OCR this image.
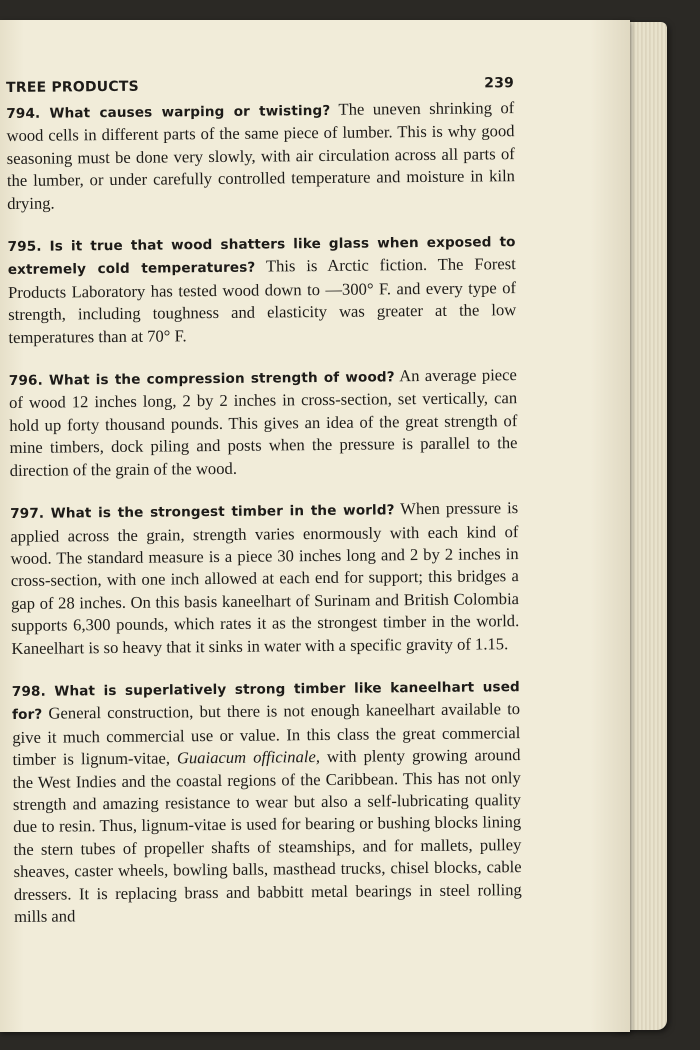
TREE PRODUCTS	239

794. What causes warping or twisting? The uneven shrinking of wood cells in different parts of the same piece of lumber. This is why good seasoning must be done very slowly, with air circulation across all parts of the lumber, or under carefully controlled temperature and moisture in kiln drying.

795. Is it true that wood shatters like glass when exposed to extremely cold temperatures? This is Arctic fiction. The Forest Products Laboratory has tested wood down to —300° F. and every type of strength, including toughness and elasticity was greater at the low temperatures than at 70° F.

796. What is the compression strength of wood? An average piece of wood 12 inches long, 2 by 2 inches in cross-section, set vertically, can hold up forty thousand pounds. This gives an idea of the great strength of mine timbers, dock piling and posts when the pressure is parallel to the direction of the grain of the wood.

797. What is the strongest timber in the world? When pressure is applied across the grain, strength varies enormously with each kind of wood. The standard measure is a piece 30 inches long and 2 by 2 inches in cross-section, with one inch allowed at each end for support; this bridges a gap of 28 inches. On this basis kaneelhart of Surinam and British Colombia supports 6,300 pounds, which rates it as the strongest timber in the world. Kaneelhart is so heavy that it sinks in water with a specific gravity of 1.15.

798. What is superlatively strong timber like kaneelhart used for? General construction, but there is not enough kaneelhart available to give it much commercial use or value. In this class the great commercial timber is lignum-vitae, Guaiacum officinale, with plenty growing around the West Indies and the coastal regions of the Caribbean. This has not only strength and amazing resistance to wear but also a self-lubricating quality due to resin. Thus, lignum-vitae is used for bearing or bushing blocks lining the stern tubes of propeller shafts of steamships, and for mallets, pulley sheaves, caster wheels, bowling balls, masthead trucks, chisel blocks, cable dressers. It is replacing brass and babbitt metal bearings in steel rolling mills and
